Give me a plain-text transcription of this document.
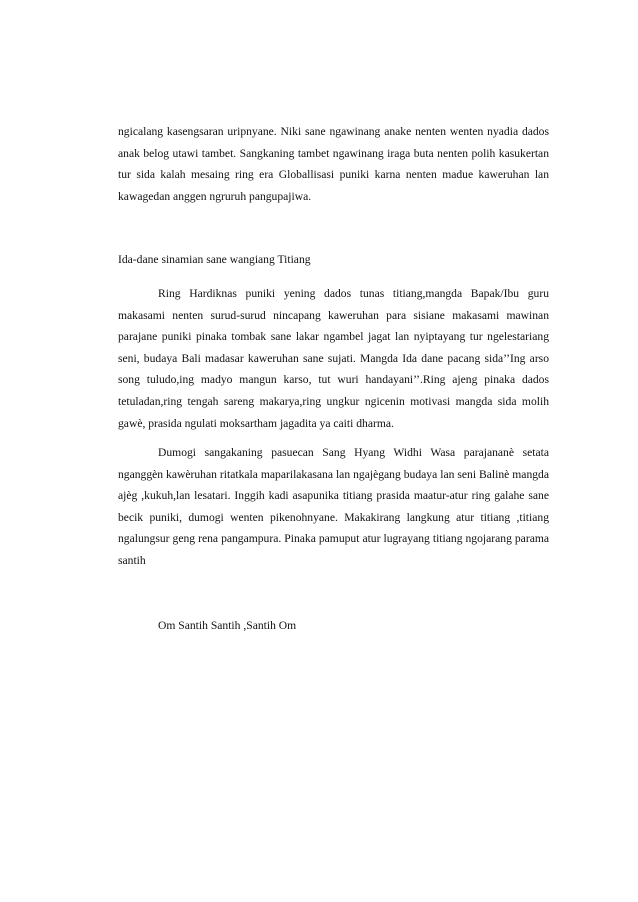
ngicalang kasengsaran uripnyane. Niki sane ngawinang anake nenten wenten nyadia dados anak belog utawi tambet. Sangkaning tambet ngawinang iraga buta nenten polih kasukertan tur sida kalah mesaing ring era Globallisasi puniki karna nenten madue kaweruhan lan kawagedan anggen ngruruh pangupajiwa.

Ida-dane sinamian sane wangiang Titiang

Ring Hardiknas puniki yening dados tunas titiang,mangda Bapak/Ibu guru makasami nenten surud-surud nincapang kaweruhan para sisiane makasami mawinan parajane puniki pinaka tombak sane lakar ngambel jagat lan nyiptayang tur ngelestariang seni, budaya Bali madasar kaweruhan sane sujati. Mangda Ida dane pacang sida’’Ing arso song tuludo,ing madyo mangun karso, tut wuri handayani’’.Ring ajeng pinaka dados tetuladan,ring tengah sareng makarya,ring ungkur ngicenin motivasi mangda sida molih gawè, prasida ngulati moksartham jagadita ya caiti dharma.

Dumogi sangakaning pasuecan Sang Hyang Widhi Wasa parajananè setata nganggèn kawèruhan ritatkala maparilakasana lan ngajègang budaya lan seni Balinè mangda ajèg ,kukuh,lan lesatari. Inggih kadi asapunika titiang prasida maatur-atur ring galahe sane becik puniki, dumogi wenten pikenohnyane. Makakirang langkung atur titiang ,titiang ngalungsur geng rena pangampura. Pinaka pamuput atur lugrayang titiang ngojarang parama santih

Om Santih Santih ,Santih Om
